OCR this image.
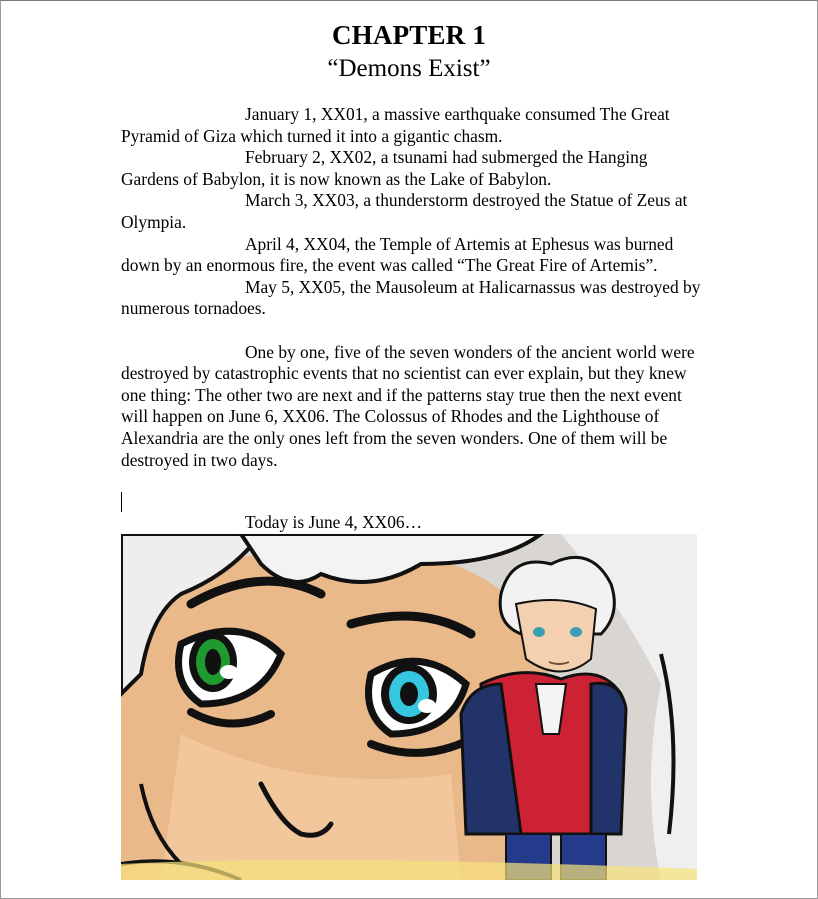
CHAPTER 1
“Demons Exist”

January 1, XX01, a massive earthquake consumed The Great Pyramid of Giza which turned it into a gigantic chasm.

February 2, XX02, a tsunami had submerged the Hanging Gardens of Babylon, it is now known as the Lake of Babylon.

March 3, XX03, a thunderstorm destroyed the Statue of Zeus at Olympia.

April 4, XX04, the Temple of Artemis at Ephesus was burned down by an enormous fire, the event was called “The Great Fire of Artemis”.

May 5, XX05, the Mausoleum at Halicarnassus was destroyed by numerous tornadoes.

One by one, five of the seven wonders of the ancient world were destroyed by catastrophic events that no scientist can ever explain, but they knew one thing: The other two are next and if the patterns stay true then the next event will happen on June 6, XX06. The Colossus of Rhodes and the Lighthouse of Alexandria are the only ones left from the seven wonders. One of them will be destroyed in two days.

Today is June 4, XX06…
